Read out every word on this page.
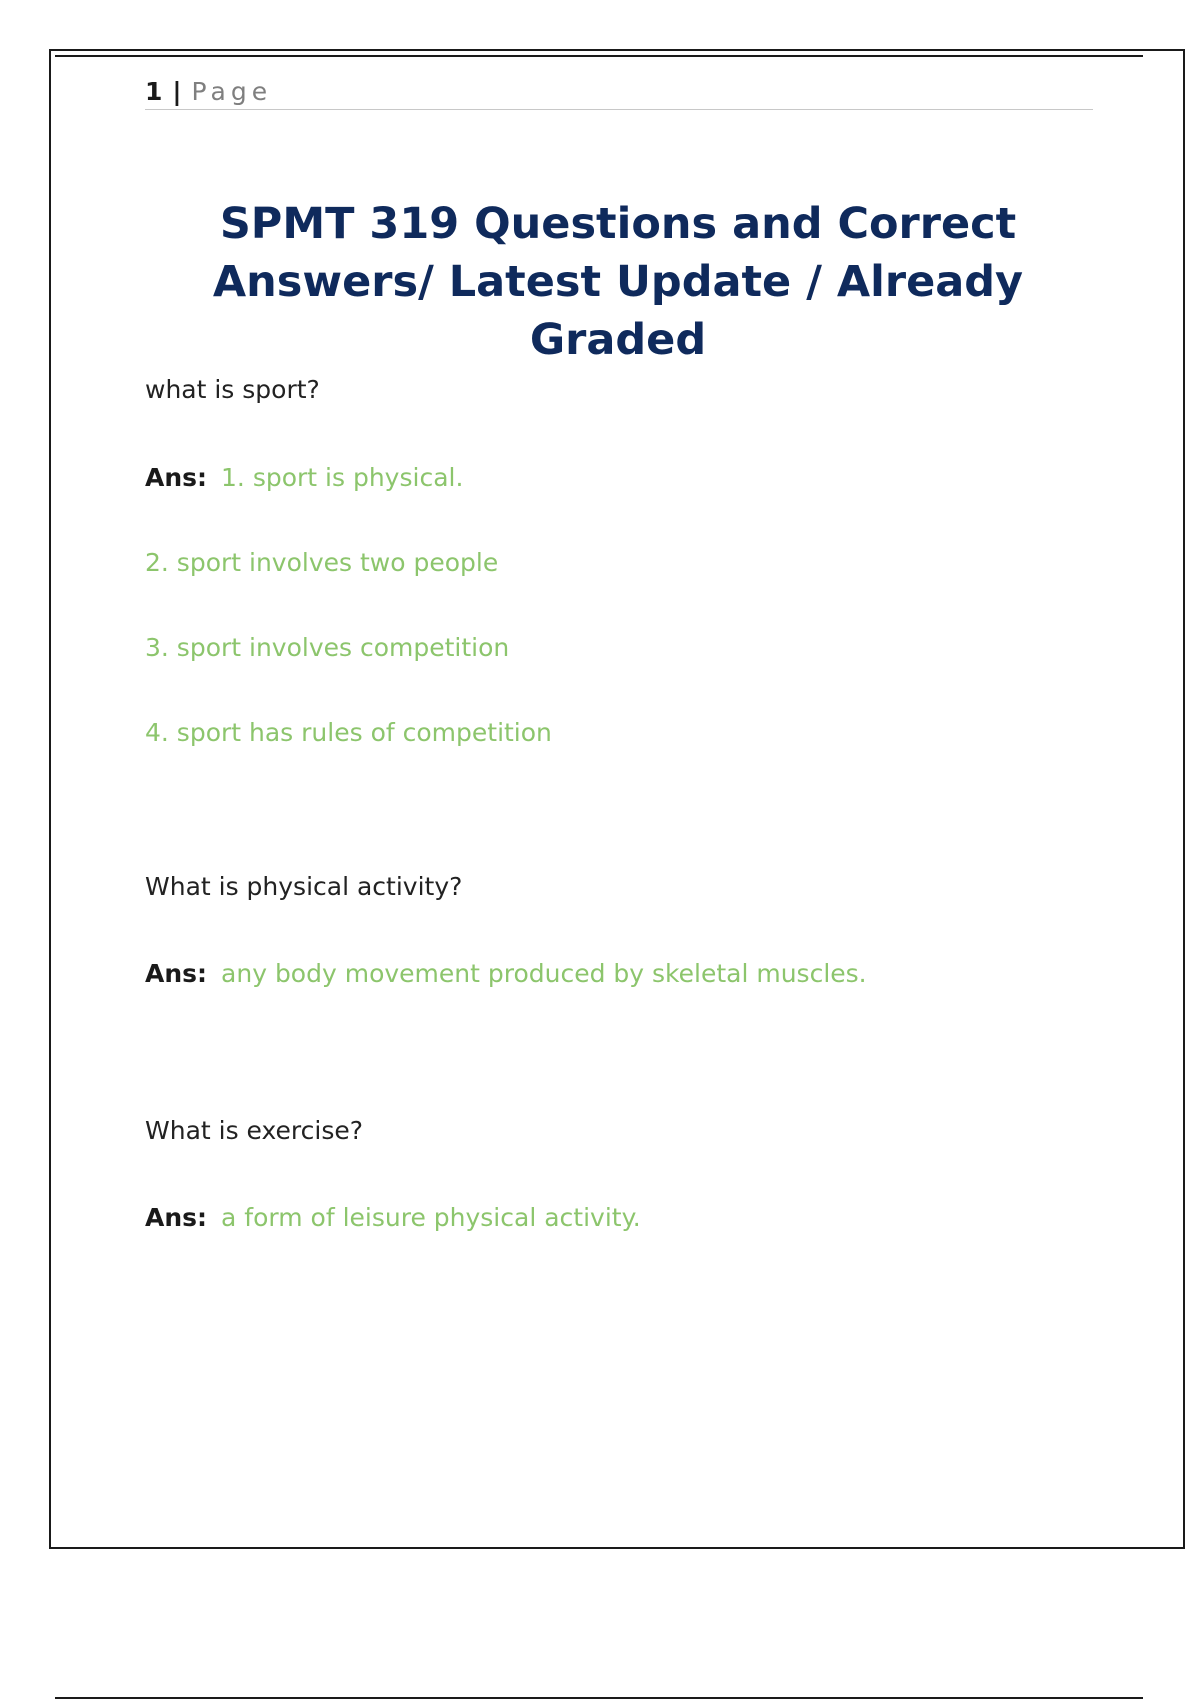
1 | Page
SPMT 319 Questions and Correct Answers/ Latest Update / Already Graded
what is sport?
Ans: 1. sport is physical.
2. sport involves two people
3. sport involves competition
4. sport has rules of competition
What is physical activity?
Ans: any body movement produced by skeletal muscles.
What is exercise?
Ans: a form of leisure physical activity.
